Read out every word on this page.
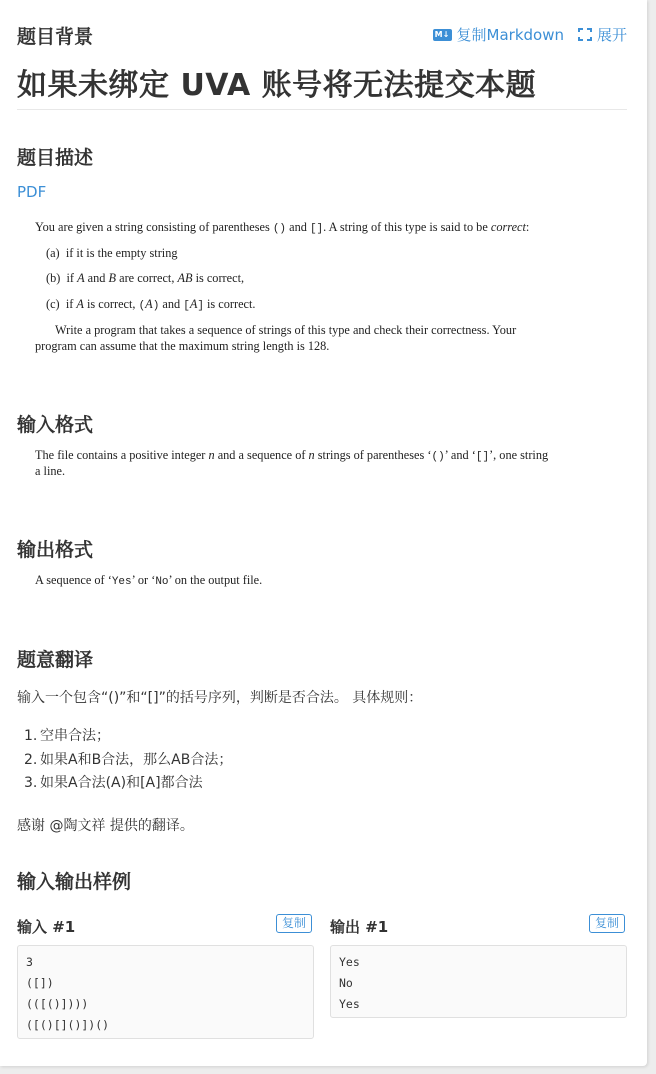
题目背景	M↓ 复制Markdown 展开
如果未绑定 UVA 账号将无法提交本题
题目描述
PDF
You are given a string consisting of parentheses () and []. A string of this type is said to be correct:
(a) if it is the empty string
(b) if A and B are correct, AB is correct,
(c) if A is correct, (A) and [A] is correct.
Write a program that takes a sequence of strings of this type and check their correctness. Your
program can assume that the maximum string length is 128.
输入格式
The file contains a positive integer n and a sequence of n strings of parentheses ‘()’ and ‘[]’, one string
a line.
输出格式
A sequence of ‘Yes’ or ‘No’ on the output file.
题意翻译
输入一个包含“()”和“[]”的括号序列，判断是否合法。 具体规则：
1. 空串合法；
2. 如果A和B合法，那么AB合法；
3. 如果A合法(A)和[A]都合法
感谢 @陶文祥 提供的翻译。
输入输出样例
输入 #1	复制
3
([])
(([()])))
([()[]()])()
输出 #1	复制
Yes
No
Yes
